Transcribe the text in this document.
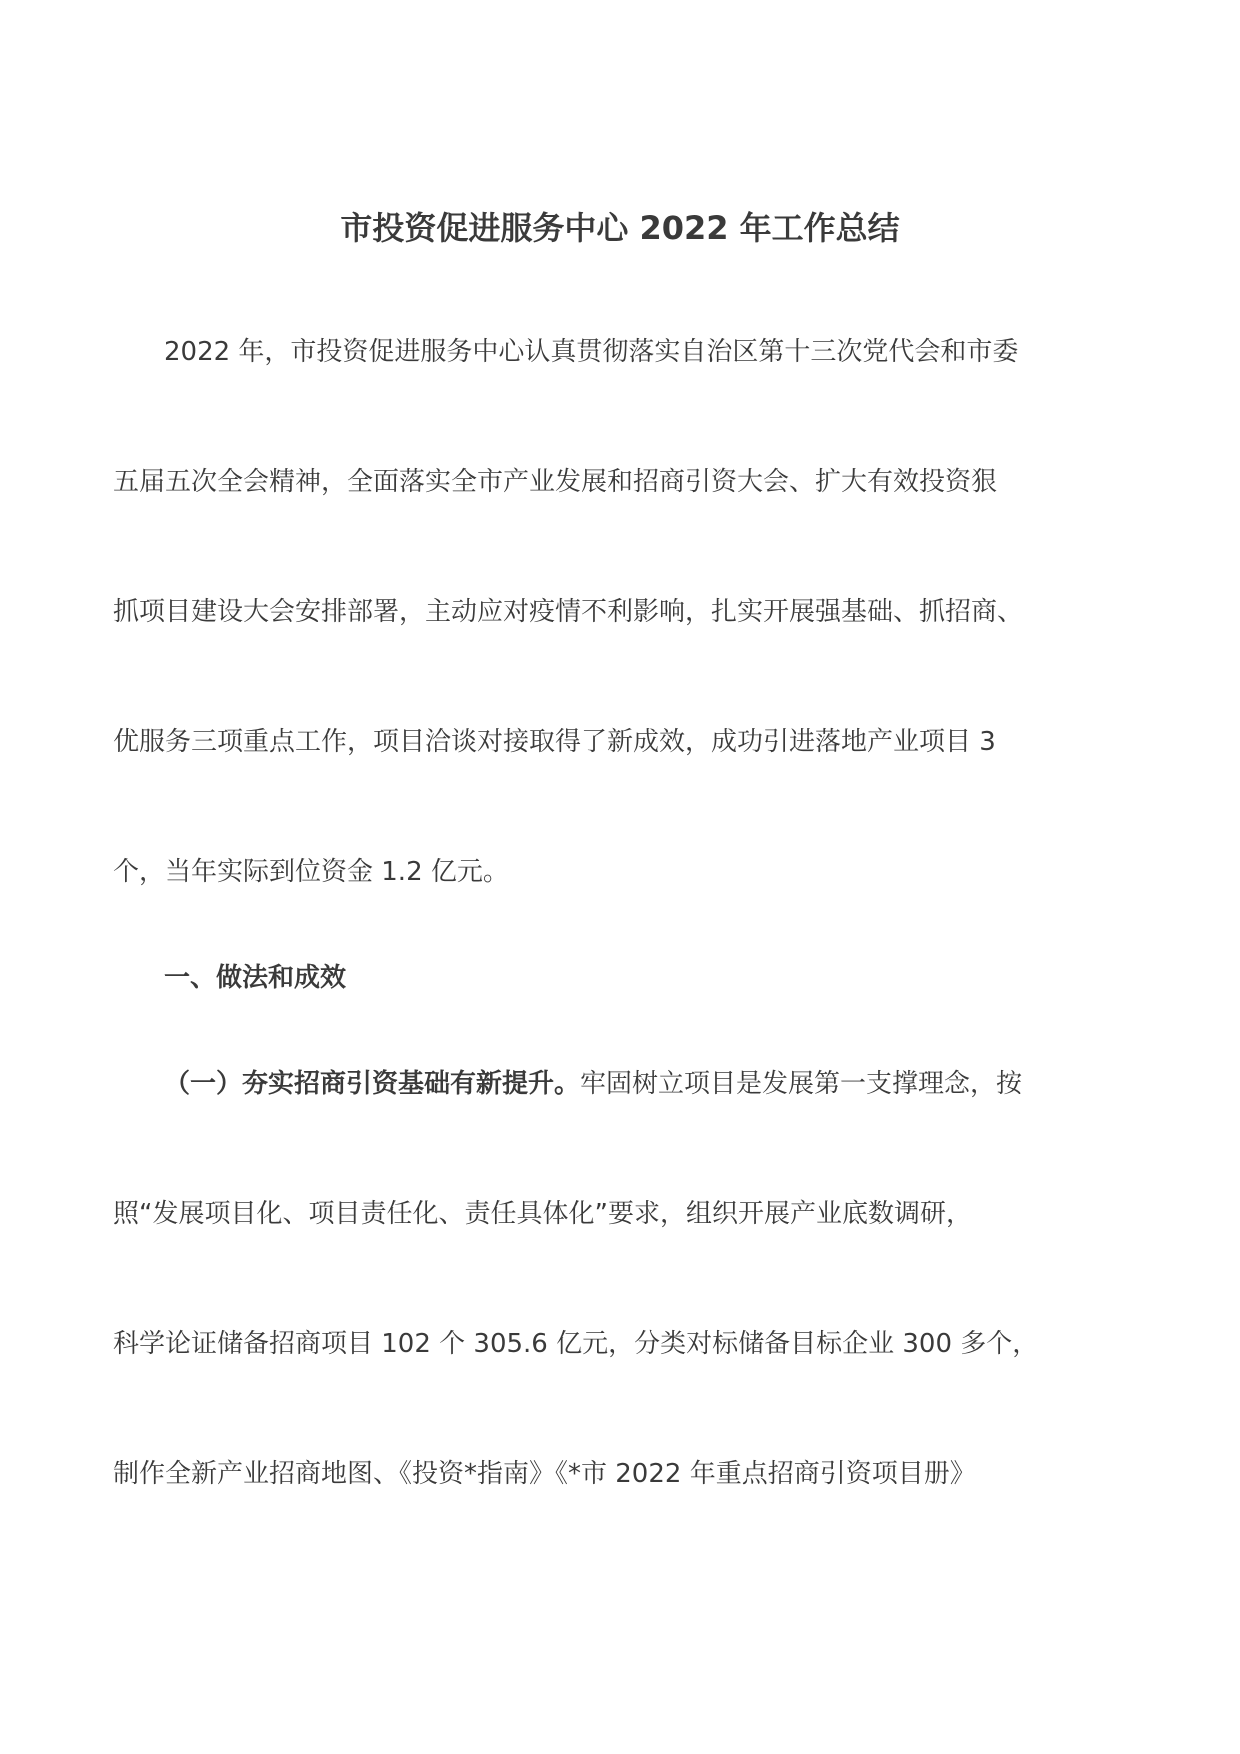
市投资促进服务中心 2022 年工作总结

2022 年，市投资促进服务中心认真贯彻落实自治区第十三次党代会和市委

五届五次全会精神，全面落实全市产业发展和招商引资大会、扩大有效投资狠

抓项目建设大会安排部署，主动应对疫情不利影响，扎实开展强基础、抓招商、

优服务三项重点工作，项目洽谈对接取得了新成效，成功引进落地产业项目 3

个，当年实际到位资金 1.2 亿元。

一、做法和成效

（一）夯实招商引资基础有新提升。牢固树立项目是发展第一支撑理念，按

照“发展项目化、项目责任化、责任具体化”要求，组织开展产业底数调研，

科学论证储备招商项目 102 个 305.6 亿元，分类对标储备目标企业 300 多个，

制作全新产业招商地图、《投资*指南》《*市 2022 年重点招商引资项目册》
